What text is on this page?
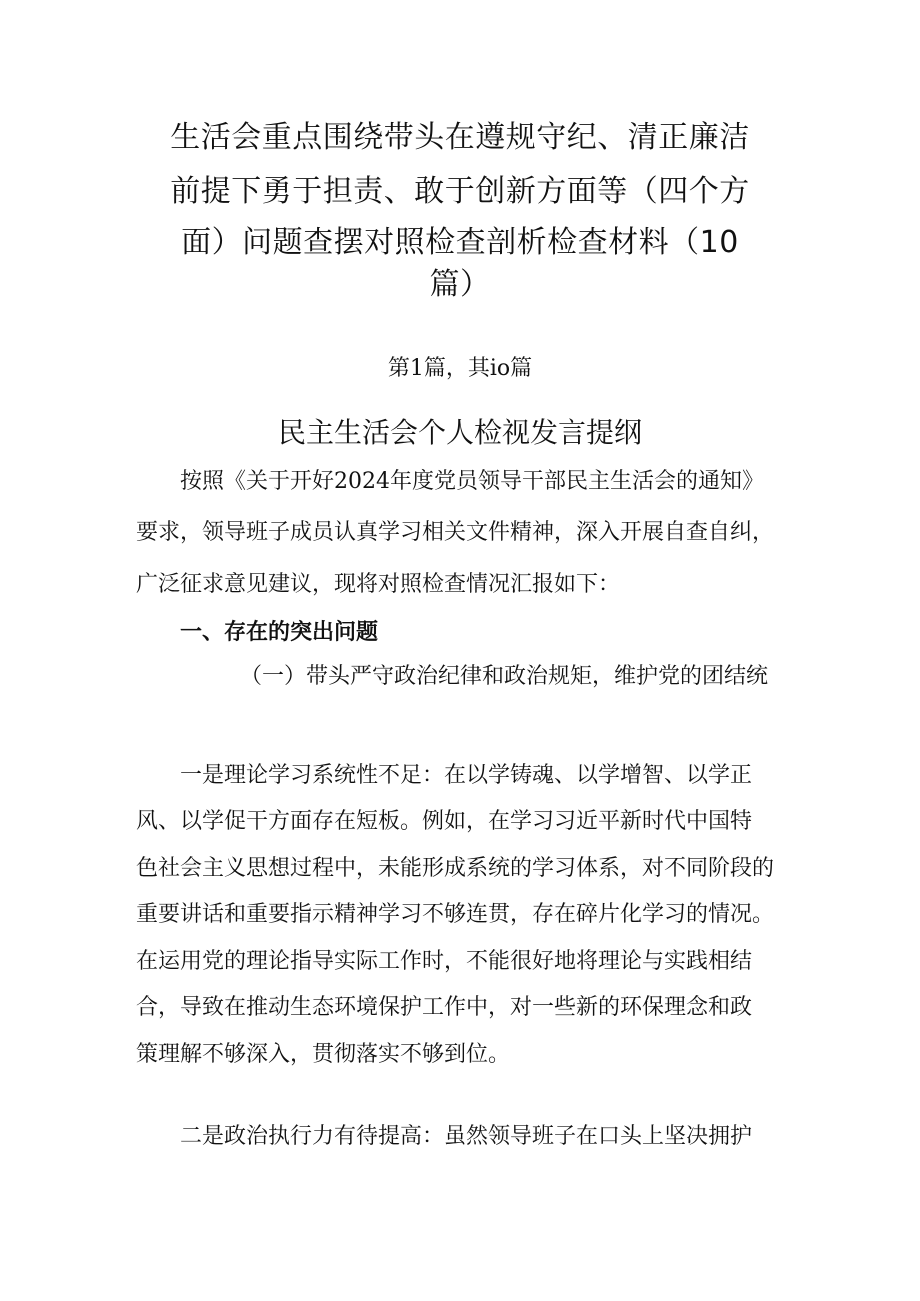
生活会重点围绕带头在遵规守纪、清正廉洁
前提下勇于担责、敢于创新方面等（四个方
面）问题查摆对照检查剖析检查材料（10
篇）
第1篇，其io篇
民主生活会个人检视发言提纲
按照《关于开好2024年度党员领导干部民主生活会的通知》
要求，领导班子成员认真学习相关文件精神，深入开展自查自纠，
广泛征求意见建议，现将对照检查情况汇报如下：
一、存在的突出问题
（一）带头严守政治纪律和政治规矩，维护党的团结统
一是理论学习系统性不足：在以学铸魂、以学增智、以学正
风、以学促干方面存在短板。例如，在学习习近平新时代中国特
色社会主义思想过程中，未能形成系统的学习体系，对不同阶段的
重要讲话和重要指示精神学习不够连贯，存在碎片化学习的情况。
在运用党的理论指导实际工作时，不能很好地将理论与实践相结
合，导致在推动生态环境保护工作中，对一些新的环保理念和政
策理解不够深入，贯彻落实不够到位。
二是政治执行力有待提高：虽然领导班子在口头上坚决拥护
